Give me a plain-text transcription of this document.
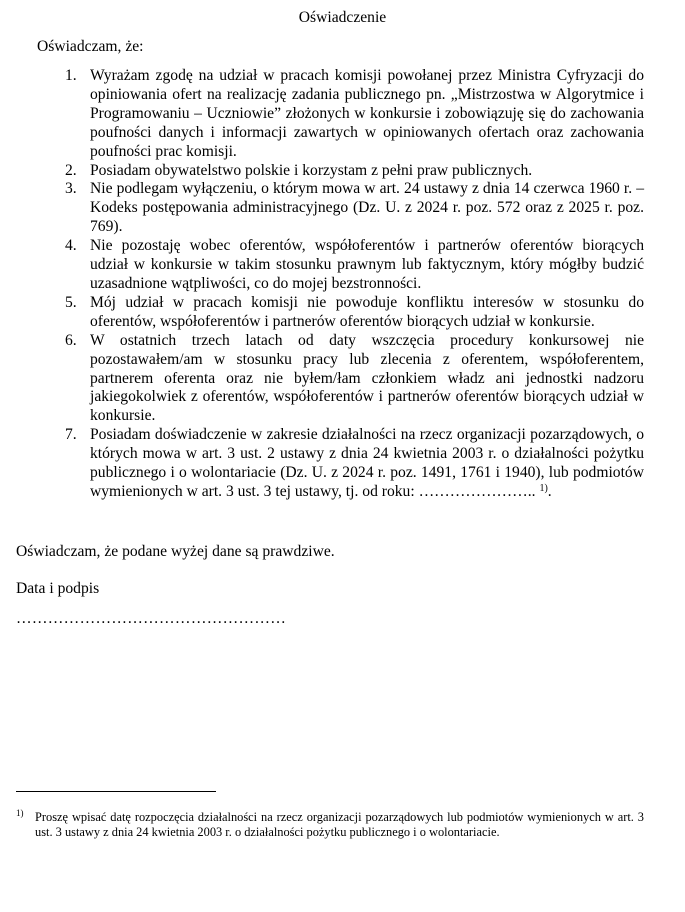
Oświadczenie
Oświadczam, że:
1. Wyrażam zgodę na udział w pracach komisji powołanej przez Ministra Cyfryzacji do opiniowania ofert na realizację zadania publicznego pn. „Mistrzostwa w Algorytmice i Programowaniu – Uczniowie” złożonych w konkursie i zobowiązuję się do zachowania poufności danych i informacji zawartych w opiniowanych ofertach oraz zachowania poufności prac komisji.
2. Posiadam obywatelstwo polskie i korzystam z pełni praw publicznych.
3. Nie podlegam wyłączeniu, o którym mowa w art. 24 ustawy z dnia 14 czerwca 1960 r. – Kodeks postępowania administracyjnego (Dz. U. z 2024 r. poz. 572 oraz z 2025 r. poz. 769).
4. Nie pozostaję wobec oferentów, współoferentów i partnerów oferentów biorących udział w konkursie w takim stosunku prawnym lub faktycznym, który mógłby budzić uzasadnione wątpliwości, co do mojej bezstronności.
5. Mój udział w pracach komisji nie powoduje konfliktu interesów w stosunku do oferentów, współoferentów i partnerów oferentów biorących udział w konkursie.
6. W ostatnich trzech latach od daty wszczęcia procedury konkursowej nie pozostawałem/am w stosunku pracy lub zlecenia z oferentem, współoferentem, partnerem oferenta oraz nie byłem/łam członkiem władz ani jednostki nadzoru jakiegokolwiek z oferentów, współoferentów i partnerów oferentów biorących udział w konkursie.
7. Posiadam doświadczenie w zakresie działalności na rzecz organizacji pozarządowych, o których mowa w art. 3 ust. 2 ustawy z dnia 24 kwietnia 2003 r. o działalności pożytku publicznego i o wolontariacie (Dz. U. z 2024 r. poz. 1491, 1761 i 1940), lub podmiotów wymienionych w art. 3 ust. 3 tej ustawy, tj. od roku: ………………….. $^{1)}$.
Oświadczam, że podane wyżej dane są prawdziwe.
Data i podpis
……………………………………………
1) Proszę wpisać datę rozpoczęcia działalności na rzecz organizacji pozarządowych lub podmiotów wymienionych w art. 3 ust. 3 ustawy z dnia 24 kwietnia 2003 r. o działalności pożytku publicznego i o wolontariacie.
